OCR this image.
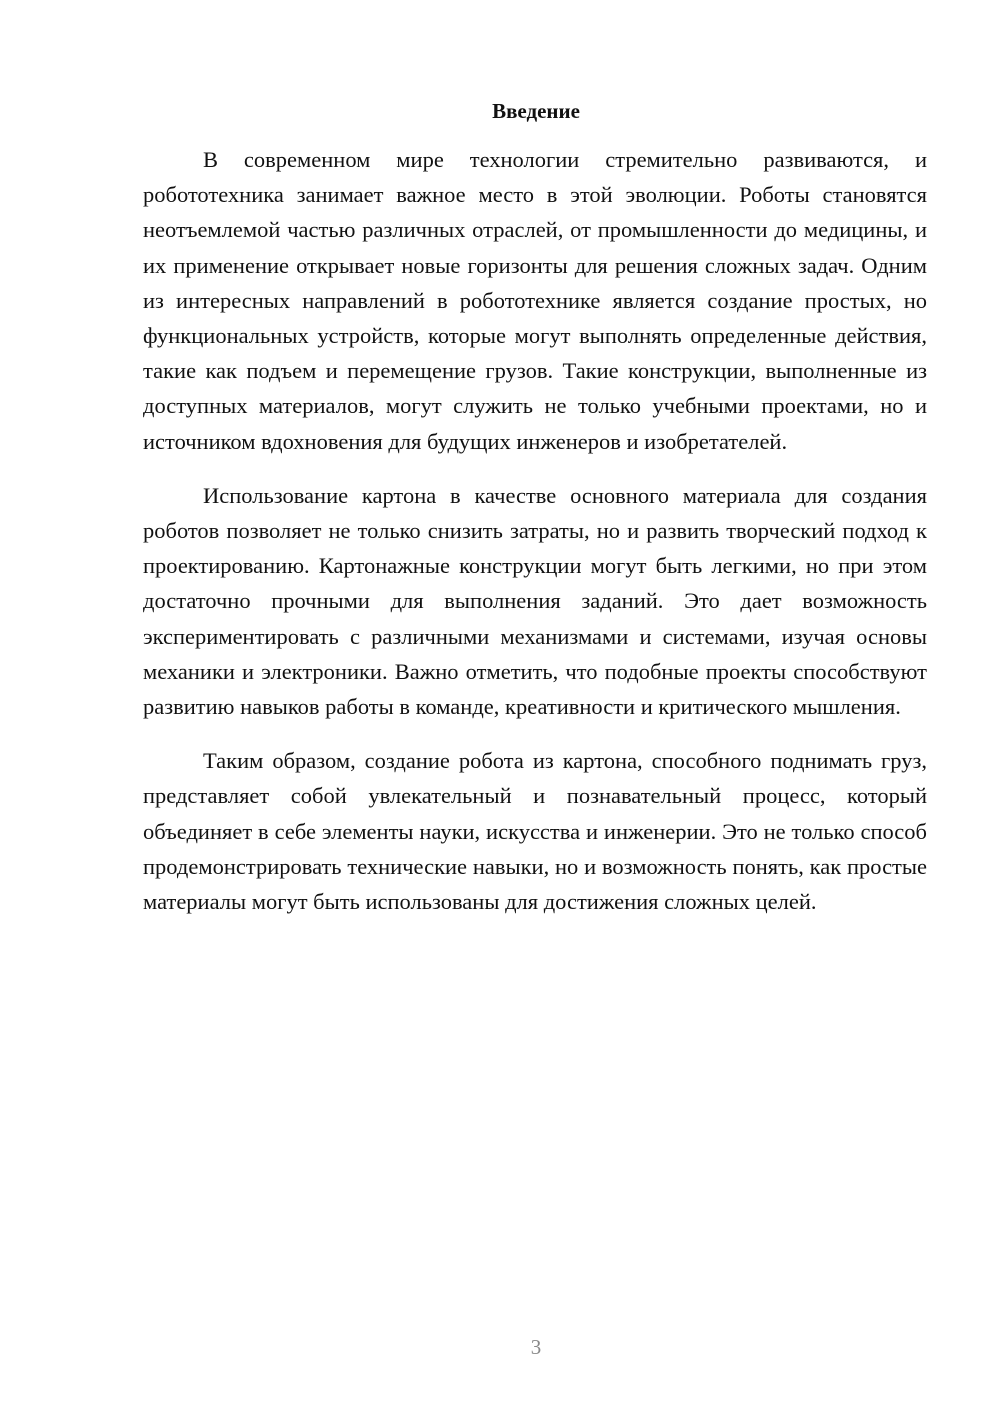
Введение

В современном мире технологии стремительно развиваются, и робототехника занимает важное место в этой эволюции. Роботы становятся неотъемлемой частью различных отраслей, от промышленности до медицины, и их применение открывает новые горизонты для решения сложных задач. Одним из интересных направлений в робототехнике является создание простых, но функциональных устройств, которые могут выполнять определенные действия, такие как подъем и перемещение грузов. Такие конструкции, выполненные из доступных материалов, могут служить не только учебными проектами, но и источником вдохновения для будущих инженеров и изобретателей.

Использование картона в качестве основного материала для создания роботов позволяет не только снизить затраты, но и развить творческий подход к проектированию. Картонажные конструкции могут быть легкими, но при этом достаточно прочными для выполнения заданий. Это дает возможность экспериментировать с различными механизмами и системами, изучая основы механики и электроники. Важно отметить, что подобные проекты способствуют развитию навыков работы в команде, креативности и критического мышления.

Таким образом, создание робота из картона, способного поднимать груз, представляет собой увлекательный и познавательный процесс, который объединяет в себе элементы науки, искусства и инженерии. Это не только способ продемонстрировать технические навыки, но и возможность понять, как простые материалы могут быть использованы для достижения сложных целей.

3
